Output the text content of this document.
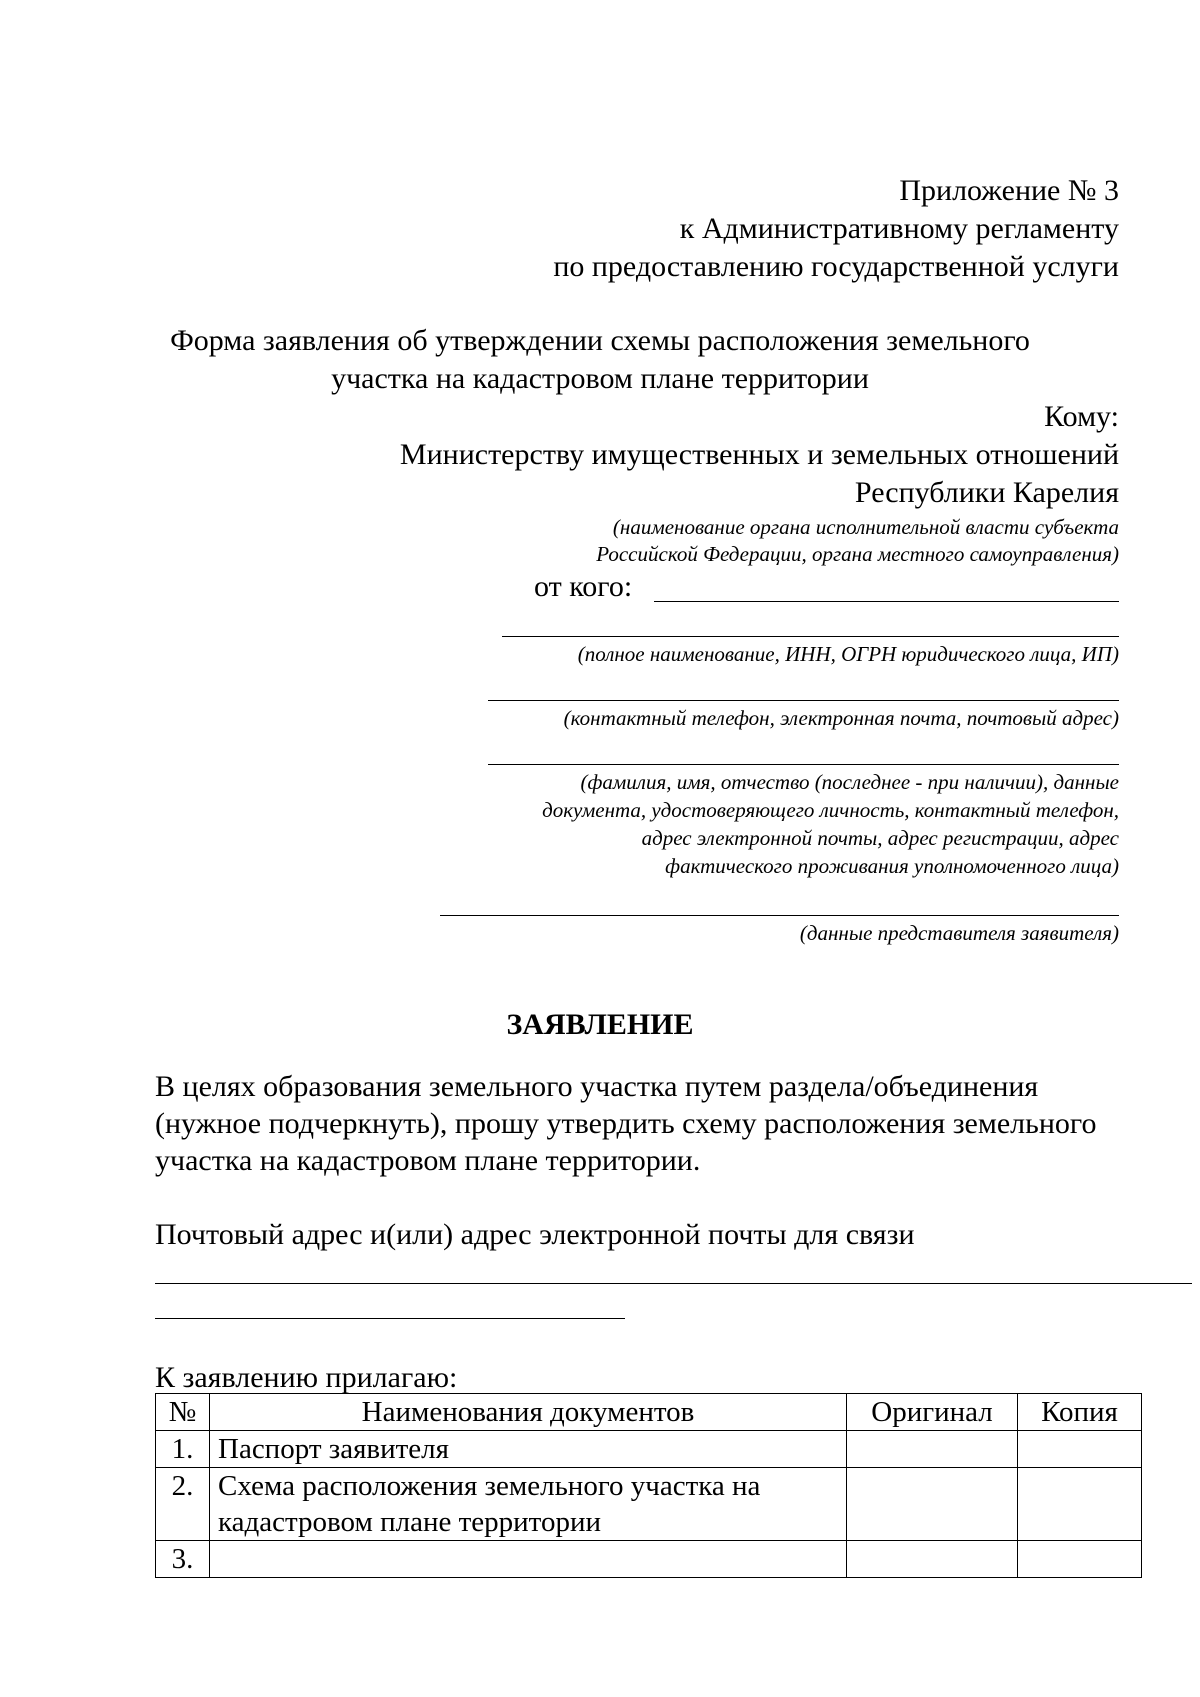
Приложение № 3
к Административному регламенту
по предоставлению государственной услуги
Форма заявления об утверждении схемы расположения земельного
участка на кадастровом плане территории
Кому:
Министерству имущественных и земельных отношений
Республики Карелия
(наименование органа исполнительной власти субъекта
Российской Федерации, органа местного самоуправления)
от кого:
(полное наименование, ИНН, ОГРН юридического лица, ИП)
(контактный телефон, электронная почта, почтовый адрес)
(фамилия, имя, отчество (последнее - при наличии), данные
документа, удостоверяющего личность, контактный телефон,
адрес электронной почты, адрес регистрации, адрес
фактического проживания уполномоченного лица)
(данные представителя заявителя)
ЗАЯВЛЕНИЕ
В целях образования земельного участка путем раздела/объединения
(нужное подчеркнуть), прошу утвердить схему расположения земельного
участка на кадастровом плане территории.
Почтовый адрес и(или) адрес электронной почты для связи
К заявлению прилагаю:
№	Наименования документов	Оригинал	Копия
1.	Паспорт заявителя		
2.	Схема расположения земельного участка на
кадастровом плане территории		

3.			
